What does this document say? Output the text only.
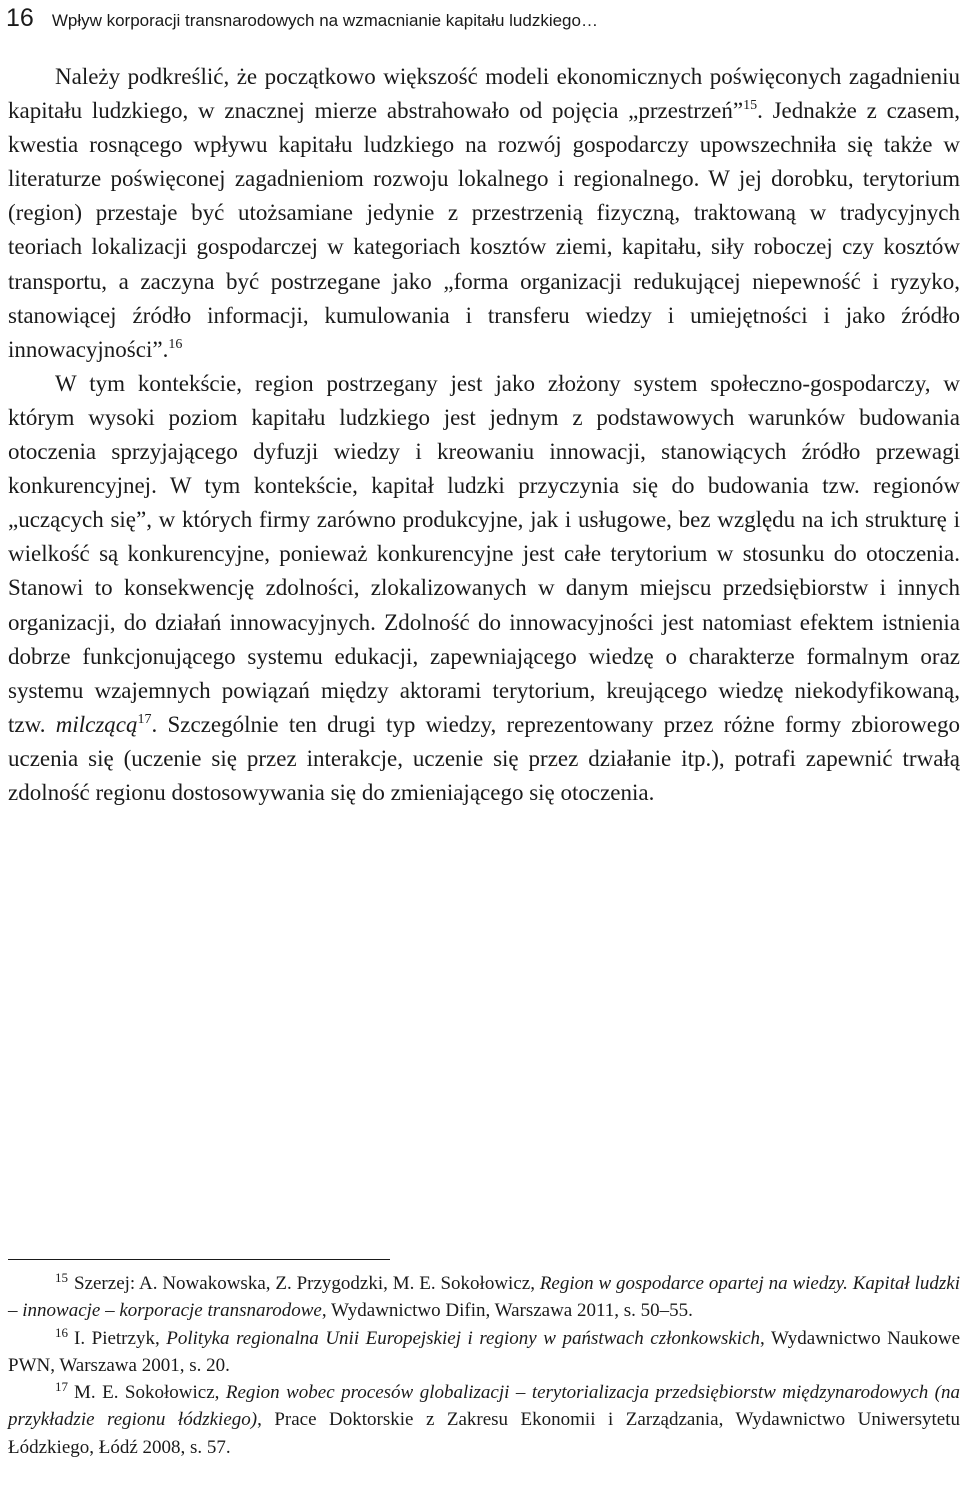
16 Wpływ korporacji transnarodowych na wzmacnianie kapitału ludzkiego…

Należy podkreślić, że początkowo większość modeli ekonomicznych poświęconych zagadnieniu kapitału ludzkiego, w znacznej mierze abstrahowało od pojęcia „przestrzeń”$^{15}$. Jednakże z czasem, kwestia rosnącego wpływu kapitału ludzkiego na rozwój gospodarczy upowszechniła się także w literaturze poświęconej zagadnieniom rozwoju lokalnego i regionalnego. W jej dorobku, terytorium (region) przestaje być utożsamiane jedynie z przestrzenią fizyczną, traktowaną w tradycyjnych teoriach lokalizacji gospodarczej w kategoriach kosztów ziemi, kapitału, siły roboczej czy kosztów transportu, a zaczyna być postrzegane jako „forma organizacji redukującej niepewność i ryzyko, stanowiącej źródło informacji, kumulowania i transferu wiedzy i umiejętności i jako źródło innowacyjności”.$^{16}$

W tym kontekście, region postrzegany jest jako złożony system społeczno-gospodarczy, w którym wysoki poziom kapitału ludzkiego jest jednym z podstawowych warunków budowania otoczenia sprzyjającego dyfuzji wiedzy i kreowaniu innowacji, stanowiących źródło przewagi konkurencyjnej. W tym kontekście, kapitał ludzki przyczynia się do budowania tzw. regionów „uczących się”, w których firmy zarówno produkcyjne, jak i usługowe, bez względu na ich strukturę i wielkość są konkurencyjne, ponieważ konkurencyjne jest całe terytorium w stosunku do otoczenia. Stanowi to konsekwencję zdolności, zlokalizowanych w danym miejscu przedsiębiorstw i innych organizacji, do działań innowacyjnych. Zdolność do innowacyjności jest natomiast efektem istnienia dobrze funkcjonującego systemu edukacji, zapewniającego wiedzę o charakterze formalnym oraz systemu wzajemnych powiązań między aktorami terytorium, kreującego wiedzę niekodyfikowaną, tzw. milczącą$^{17}$. Szczególnie ten drugi typ wiedzy, reprezentowany przez różne formy zbiorowego uczenia się (uczenie się przez interakcje, uczenie się przez działanie itp.), potrafi zapewnić trwałą zdolność regionu dostosowywania się do zmieniającego się otoczenia.

$^{15}$ Szerzej: A. Nowakowska, Z. Przygodzki, M. E. Sokołowicz, Region w gospodarce opartej na wiedzy. Kapitał ludzki – innowacje – korporacje transnarodowe, Wydawnictwo Difin, Warszawa 2011, s. 50–55.

$^{16}$ I. Pietrzyk, Polityka regionalna Unii Europejskiej i regiony w państwach członkowskich, Wydawnictwo Naukowe PWN, Warszawa 2001, s. 20.

$^{17}$ M. E. Sokołowicz, Region wobec procesów globalizacji – terytorializacja przedsiębiorstw międzynarodowych (na przykładzie regionu łódzkiego), Prace Doktorskie z Zakresu Ekonomii i Zarządzania, Wydawnictwo Uniwersytetu Łódzkiego, Łódź 2008, s. 57.
